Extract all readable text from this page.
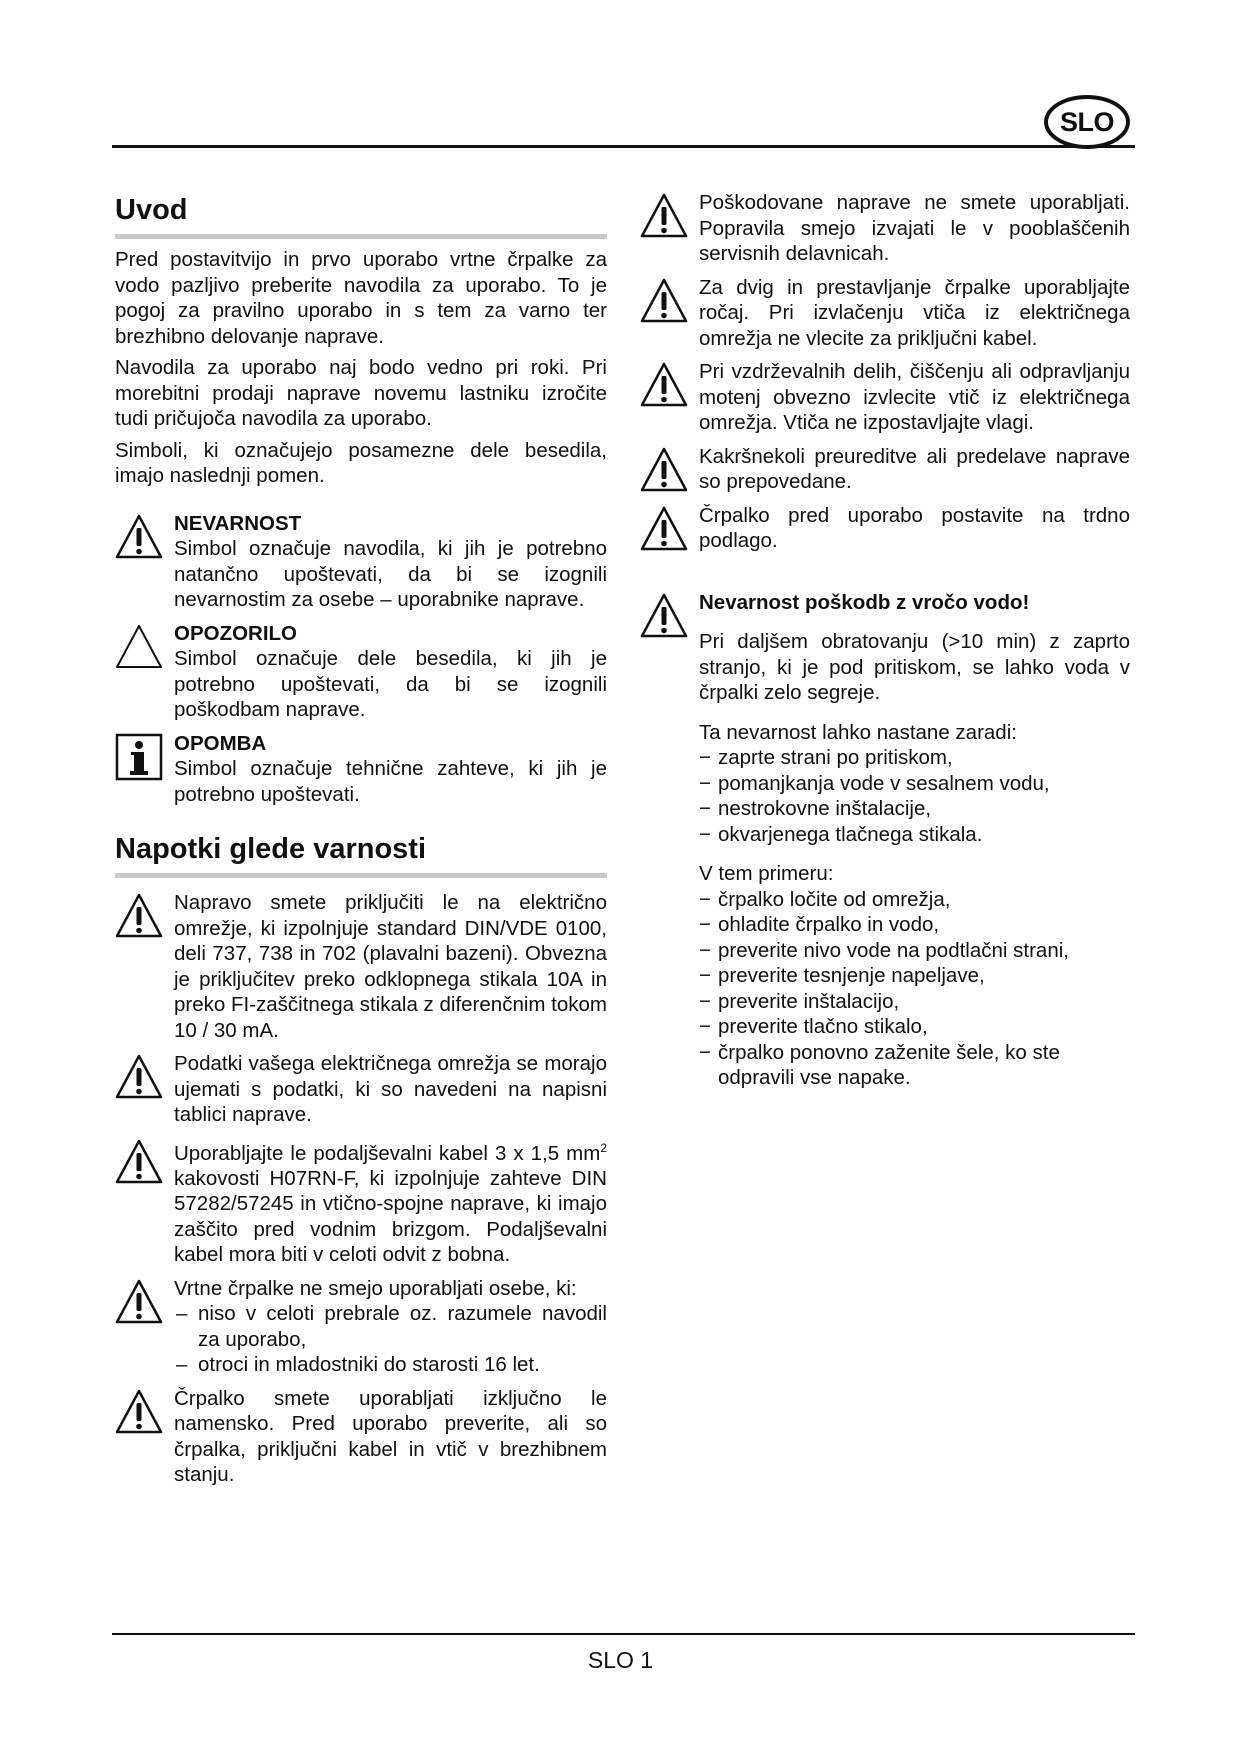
SLO
Uvod

Pred postavitvijo in prvo uporabo vrtne črpalke za vodo pazljivo preberite navodila za uporabo. To je pogoj za pravilno uporabo in s tem za varno ter brezhibno delovanje naprave.

Navodila za uporabo naj bodo vedno pri roki. Pri morebitni prodaji naprave novemu lastniku izročite tudi pričujoča navodila za uporabo.

Simboli, ki označujejo posamezne dele besedila, imajo naslednji pomen.

NEVARNOST
Simbol označuje navodila, ki jih je potrebno natančno upoštevati, da bi se izognili nevarnostim za osebe – uporabnike naprave.
OPOZORILO
Simbol označuje dele besedila, ki jih je potrebno upoštevati, da bi se izognili poškodbam naprave.
OPOMBA
Simbol označuje tehnične zahteve, ki jih je potrebno upoštevati.
Napotki glede varnosti
Napravo smete priključiti le na električno omrežje, ki izpolnjuje standard DIN/VDE 0100, deli 737, 738 in 702 (plavalni bazeni). Obvezna je priključitev preko odklopnega stikala 10A in preko FI-zaščitnega stikala z diferenčnim tokom 10 / 30 mA.
Podatki vašega električnega omrežja se morajo ujemati s podatki, ki so navedeni na napisni tablici naprave.
Uporabljajte le podaljševalni kabel 3 x 1,5 $mm^2$ kakovosti H07RN-F, ki izpolnjuje zahteve DIN 57282/57245 in vtično-spojne naprave, ki imajo zaščito pred vodnim brizgom. Podaljševalni kabel mora biti v celoti odvit z bobna.
Vrtne črpalke ne smejo uporabljati osebe, ki:
– niso v celoti prebrale oz. razumele navodil za uporabo,
– otroci in mladostniki do starosti 16 let.
Črpalko smete uporabljati izključno le namensko. Pred uporabo preverite, ali so črpalka, priključni kabel in vtič v brezhibnem stanju.
Poškodovane naprave ne smete uporabljati. Popravila smejo izvajati le v pooblaščenih servisnih delavnicah.
Za dvig in prestavljanje črpalke uporabljajte ročaj. Pri izvlačenju vtiča iz električnega omrežja ne vlecite za priključni kabel.
Pri vzdrževalnih delih, čiščenju ali odpravljanju motenj obvezno izvlecite vtič iz električnega omrežja. Vtiča ne izpostavljajte vlagi.
Kakršnekoli preureditve ali predelave naprave so prepovedane.
Črpalko pred uporabo postavite na trdno podlago.
Nevarnost poškodb z vročo vodo!
Pri daljšem obratovanju (>10 min) z zaprto stranjo, ki je pod pritiskom, se lahko voda v črpalki zelo segreje.
Ta nevarnost lahko nastane zaradi:
− zaprte strani po pritiskom,
− pomanjkanja vode v sesalnem vodu,
− nestrokovne inštalacije,
− okvarjenega tlačnega stikala.
V tem primeru:
− črpalko ločite od omrežja,
− ohladite črpalko in vodo,
− preverite nivo vode na podtlačni strani,
− preverite tesnjenje napeljave,
− preverite inštalacijo,
− preverite tlačno stikalo,
− črpalko ponovno zaženite šele, ko ste odpravili vse napake.
SLO 1
